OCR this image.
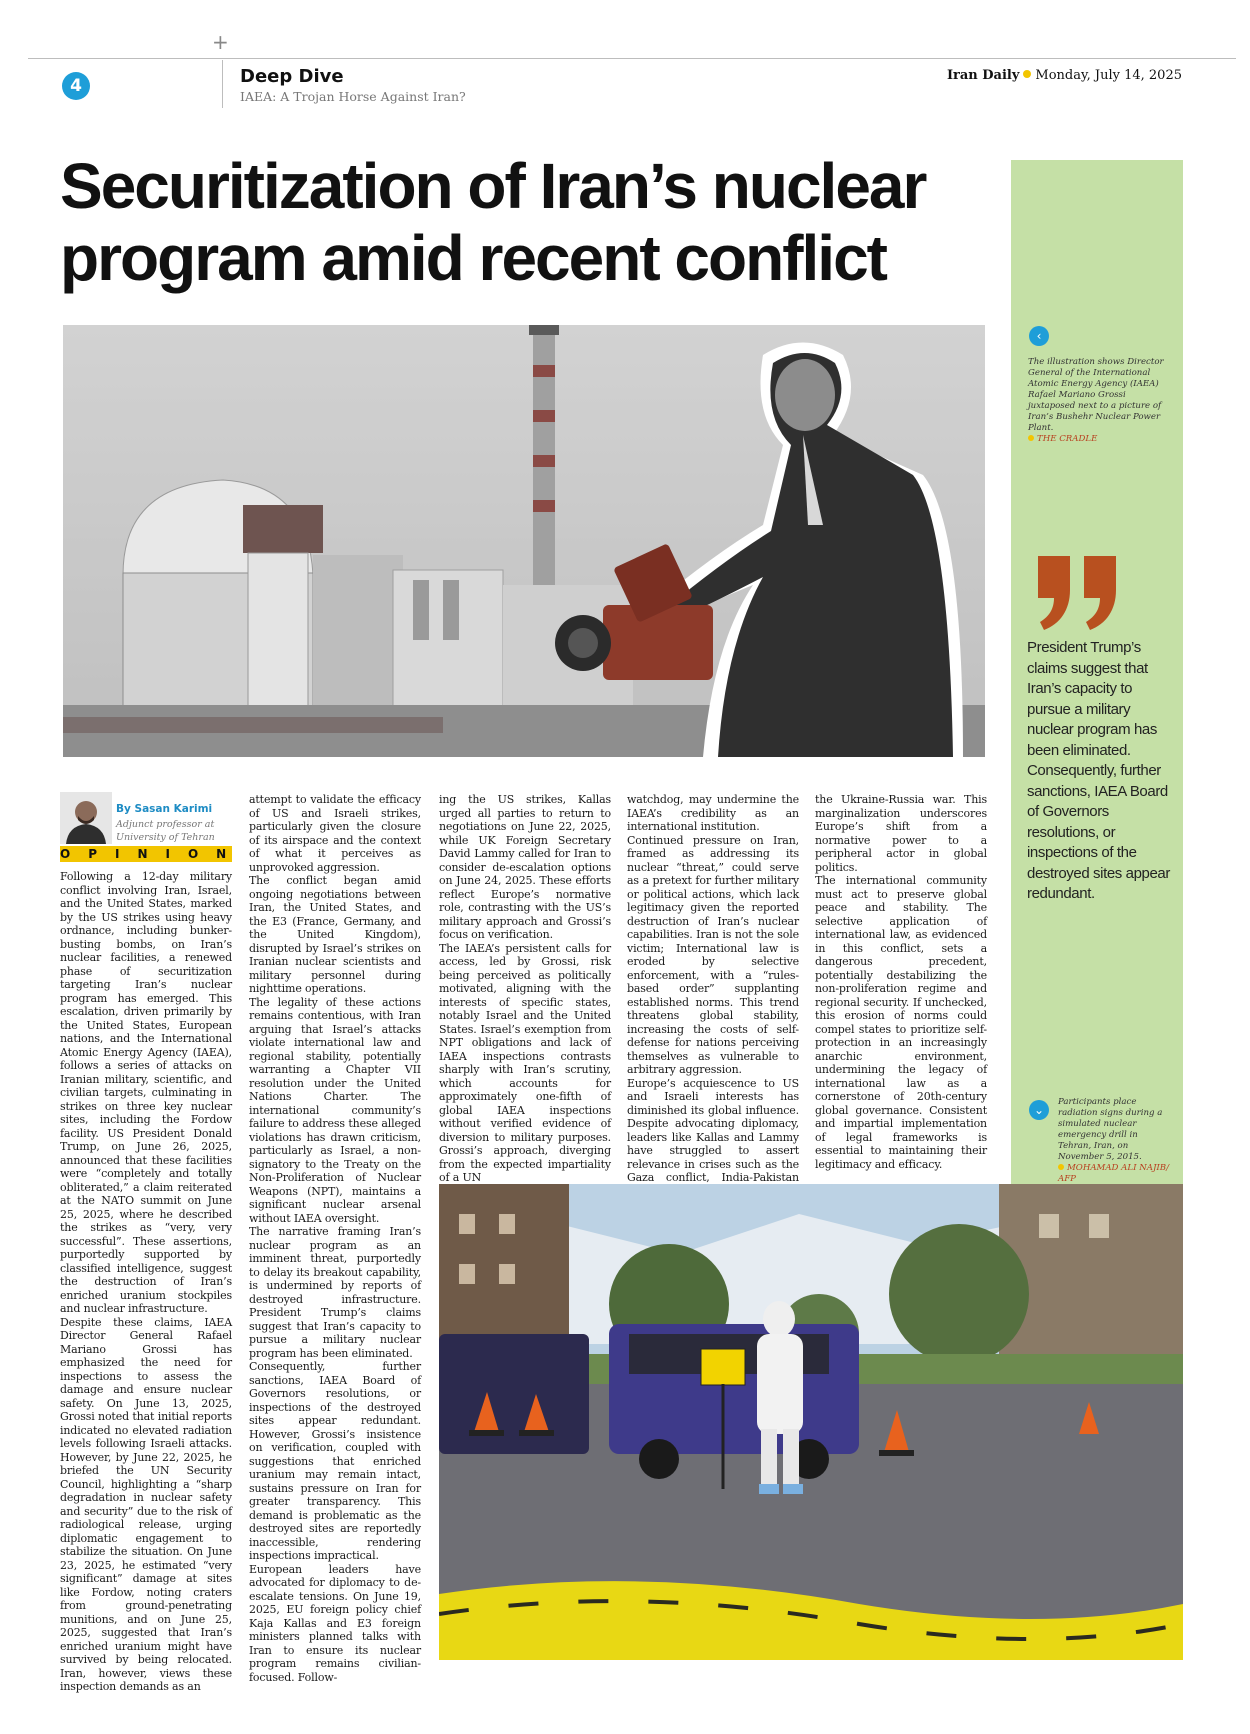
+
4	Deep Dive
IAEA: A Trojan Horse Against Iran?
Iran Daily Monday, July 14, 2025
Securitization of Iran’s nuclear program amid recent conflict
‹
The illustration shows Director General of the International Atomic Energy Agency (IAEA) Rafael Mariano Grossi juxtaposed next to a picture of Iran’s Bushehr Nuclear Power Plant.
THE CRADLE
President Trump’s claims suggest that Iran’s capacity to pursue a military nuclear program has been eliminated. Consequently, further sanctions, IAEA Board of Governors resolutions, or inspections of the destroyed sites appear redundant.
⌄
Participants place radiation signs during a simulated nuclear emergency drill in Tehran, Iran, on November 5, 2015.
MOHAMAD ALI NAJIB/ AFP
By Sasan Karimi
Adjunct professor at University of Tehran
OPINION

Following a 12-day military conflict involving Iran, Israel, and the United States, marked by the US strikes using heavy ordnance, including bunker-busting bombs, on Iran’s nuclear facilities, a renewed phase of securitization targeting Iran’s nuclear program has emerged. This escalation, driven primarily by the United States, European nations, and the International Atomic Energy Agency (IAEA), follows a series of attacks on Iranian military, scientific, and civilian targets, culminating in strikes on three key nuclear sites, including the Fordow facility. US President Donald Trump, on June 26, 2025, announced that these facilities were “completely and totally obliterated,” a claim reiterated at the NATO summit on June 25, 2025, where he described the strikes as “very, very successful”. These assertions, purportedly supported by classified intelligence, suggest the destruction of Iran’s enriched uranium stockpiles and nuclear infrastructure.

Despite these claims, IAEA Director General Rafael Mariano Grossi has emphasized the need for inspections to assess the damage and ensure nuclear safety. On June 13, 2025, Grossi noted that initial reports indicated no elevated radiation levels following Israeli attacks. However, by June 22, 2025, he briefed the UN Security Council, highlighting a “sharp degradation in nuclear safety and security” due to the risk of radiological release, urging diplomatic engagement to stabilize the situation. On June 23, 2025, he estimated “very significant” damage at sites like Fordow, noting craters from ground-penetrating munitions, and on June 25, 2025, suggested that Iran’s enriched uranium might have survived by being relocated. Iran, however, views these inspection demands as an

attempt to validate the efficacy of US and Israeli strikes, particularly given the closure of its airspace and the context of what it perceives as unprovoked aggression.

The conflict began amid ongoing negotiations between Iran, the United States, and the E3 (France, Germany, and the United Kingdom), disrupted by Israel’s strikes on Iranian nuclear scientists and military personnel during nighttime operations.

The legality of these actions remains contentious, with Iran arguing that Israel’s attacks violate international law and regional stability, potentially warranting a Chapter VII resolution under the United Nations Charter. The international community’s failure to address these alleged violations has drawn criticism, particularly as Israel, a non-signatory to the Treaty on the Non-Proliferation of Nuclear Weapons (NPT), maintains a significant nuclear arsenal without IAEA oversight.

The narrative framing Iran’s nuclear program as an imminent threat, purportedly to delay its breakout capability, is undermined by reports of destroyed infrastructure. President Trump’s claims suggest that Iran’s capacity to pursue a military nuclear program has been eliminated.

Consequently, further sanctions, IAEA Board of Governors resolutions, or inspections of the destroyed sites appear redundant. However, Grossi’s insistence on verification, coupled with suggestions that enriched uranium may remain intact, sustains pressure on Iran for greater transparency. This demand is problematic as the destroyed sites are reportedly inaccessible, rendering inspections impractical.

European leaders have advocated for diplomacy to de-escalate tensions. On June 19, 2025, EU foreign policy chief Kaja Kallas and E3 foreign ministers planned talks with Iran to ensure its nuclear program remains civilian-focused. Follow-

ing the US strikes, Kallas urged all parties to return to negotiations on June 22, 2025, while UK Foreign Secretary David Lammy called for Iran to consider de-escalation options on June 24, 2025. These efforts reflect Europe’s normative role, contrasting with the US’s military approach and Grossi’s focus on verification.

The IAEA’s persistent calls for access, led by Grossi, risk being perceived as politically motivated, aligning with the interests of specific states, notably Israel and the United States. Israel’s exemption from NPT obligations and lack of IAEA inspections contrasts sharply with Iran’s scrutiny, which accounts for approximately one-fifth of global IAEA inspections without verified evidence of diversion to military purposes. Grossi’s approach, diverging from the expected impartiality of a UN

watchdog, may undermine the IAEA’s credibility as an international institution.

Continued pressure on Iran, framed as addressing its nuclear “threat,” could serve as a pretext for further military or political actions, which lack legitimacy given the reported destruction of Iran’s nuclear capabilities. Iran is not the sole victim; International law is eroded by selective enforcement, with a “rules-based order” supplanting established norms. This trend threatens global stability, increasing the costs of self-defense for nations perceiving themselves as vulnerable to arbitrary aggression.

Europe’s acquiescence to US and Israeli interests has diminished its global influence. Despite advocating diplomacy, leaders like Kallas and Lammy have struggled to assert relevance in crises such as the Gaza conflict, India-Pakistan

the Ukraine-Russia war. This marginalization underscores Europe’s shift from a normative power to a peripheral actor in global politics.

The international community must act to preserve global peace and stability. The selective application of international law, as evidenced in this conflict, sets a dangerous precedent, potentially destabilizing the non-proliferation regime and regional security. If unchecked, this erosion of norms could compel states to prioritize self-protection in an increasingly anarchic environment, undermining the legacy of international law as a cornerstone of 20th-century global governance. Consistent and impartial implementation of legal frameworks is essential to maintaining their legitimacy and efficacy.
